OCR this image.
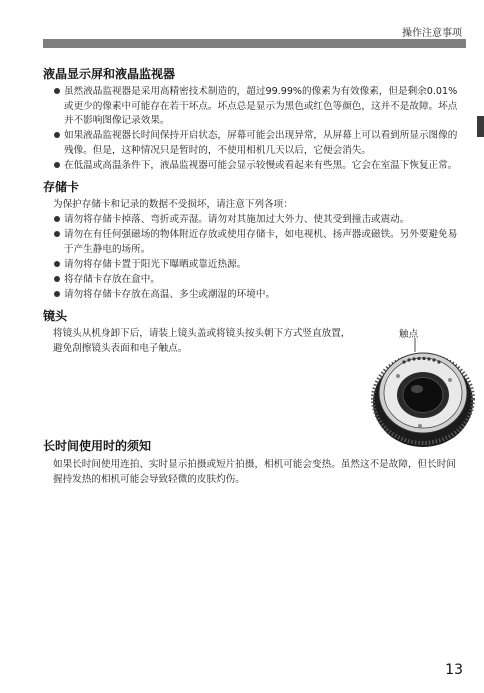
操作注意事项
液晶显示屏和液晶监视器
虽然液晶监视器是采用高精密技术制造的，超过99.99%的像素为有效像素，但是剩余0.01%或更少的像素中可能存在若干坏点。坏点总是显示为黑色或红色等颜色，这并不是故障。坏点并不影响图像记录效果。
如果液晶监视器长时间保持开启状态，屏幕可能会出现异常，从屏幕上可以看到所显示图像的残像。但是，这种情况只是暂时的，不使用相机几天以后，它便会消失。
在低温或高温条件下，液晶监视器可能会显示较慢或看起来有些黑。它会在室温下恢复正常。
存储卡
为保护存储卡和记录的数据不受损坏，请注意下列各项：
请勿将存储卡掉落、弯折或弄湿。请勿对其施加过大外力、使其受到撞击或震动。
请勿在有任何强磁场的物体附近存放或使用存储卡，如电视机、扬声器或磁铁。另外要避免易于产生静电的场所。
请勿将存储卡置于阳光下曝晒或靠近热源。
将存储卡存放在盒中。
请勿将存储卡存放在高温、多尘或潮湿的环境中。
镜头
将镜头从机身卸下后，请装上镜头盖或将镜头按头朝下方式竖直放置，避免刮擦镜头表面和电子触点。
触点
长时间使用时的须知
如果长时间使用连拍、实时显示拍摄或短片拍摄，相机可能会变热。虽然这不是故障，但长时间握持发热的相机可能会导致轻微的皮肤灼伤。
13
